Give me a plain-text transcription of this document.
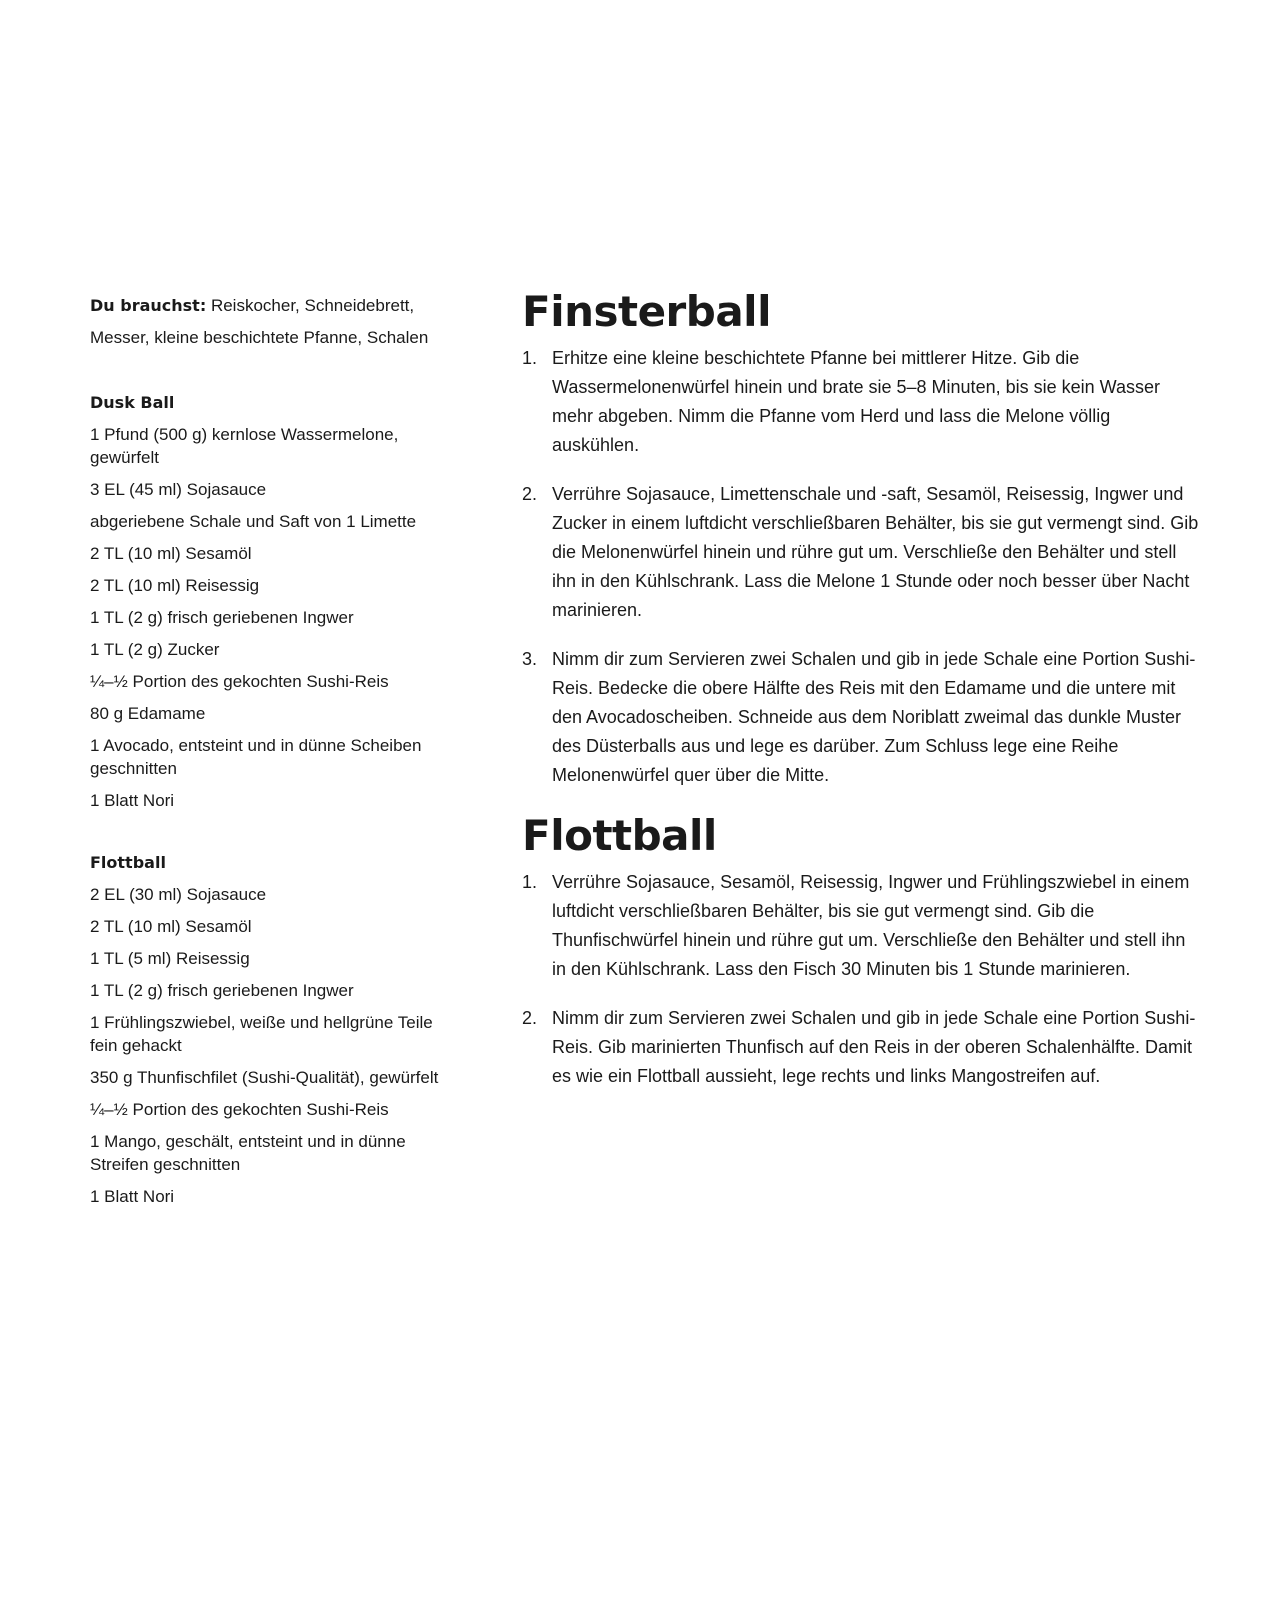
Du brauchst: Reiskocher, Schneidebrett, Messer, kleine beschichtete Pfanne, Schalen

Dusk Ball
1 Pfund (500 g) kernlose Wassermelone, gewürfelt
3 EL (45 ml) Sojasauce
abgeriebene Schale und Saft von 1 Limette
2 TL (10 ml) Sesamöl
2 TL (10 ml) Reisessig
1 TL (2 g) frisch geriebenen Ingwer
1 TL (2 g) Zucker
¼–½ Portion des gekochten Sushi-Reis
80 g Edamame
1 Avocado, entsteint und in dünne Scheiben geschnitten
1 Blatt Nori
Flottball
2 EL (30 ml) Sojasauce
2 TL (10 ml) Sesamöl
1 TL (5 ml) Reisessig
1 TL (2 g) frisch geriebenen Ingwer
1 Frühlingszwiebel, weiße und hellgrüne Teile fein gehackt
350 g Thunfischfilet (Sushi-Qualität), gewürfelt
¼–½ Portion des gekochten Sushi-Reis
1 Mango, geschält, entsteint und in dünne Streifen geschnitten
1 Blatt Nori
Finsterball
1. Erhitze eine kleine beschichtete Pfanne bei mittlerer Hitze. Gib die Wassermelonenwürfel hinein und brate sie 5–8 Minuten, bis sie kein Wasser mehr abgeben. Nimm die Pfanne vom Herd und lass die Melone völlig auskühlen.
2. Verrühre Sojasauce, Limettenschale und -saft, Sesamöl, Reisessig, Ingwer und Zucker in einem luftdicht verschließbaren Behälter, bis sie gut vermengt sind. Gib die Melonenwürfel hinein und rühre gut um. Verschließe den Behälter und stell ihn in den Kühlschrank. Lass die Melone 1 Stunde oder noch besser über Nacht marinieren.
3. Nimm dir zum Servieren zwei Schalen und gib in jede Schale eine Portion Sushi-Reis. Bedecke die obere Hälfte des Reis mit den Edamame und die untere mit den Avocadoscheiben. Schneide aus dem Noriblatt zweimal das dunkle Muster des Düsterballs aus und lege es darüber. Zum Schluss lege eine Reihe Melonenwürfel quer über die Mitte.
Flottball
1. Verrühre Sojasauce, Sesamöl, Reisessig, Ingwer und Frühlingszwiebel in einem luftdicht verschließbaren Behälter, bis sie gut vermengt sind. Gib die Thunfischwürfel hinein und rühre gut um. Verschließe den Behälter und stell ihn in den Kühlschrank. Lass den Fisch 30 Minuten bis 1 Stunde marinieren.
2. Nimm dir zum Servieren zwei Schalen und gib in jede Schale eine Portion Sushi-Reis. Gib marinierten Thunfisch auf den Reis in der oberen Schalenhälfte. Damit es wie ein Flottball aussieht, lege rechts und links Mangostreifen auf.
